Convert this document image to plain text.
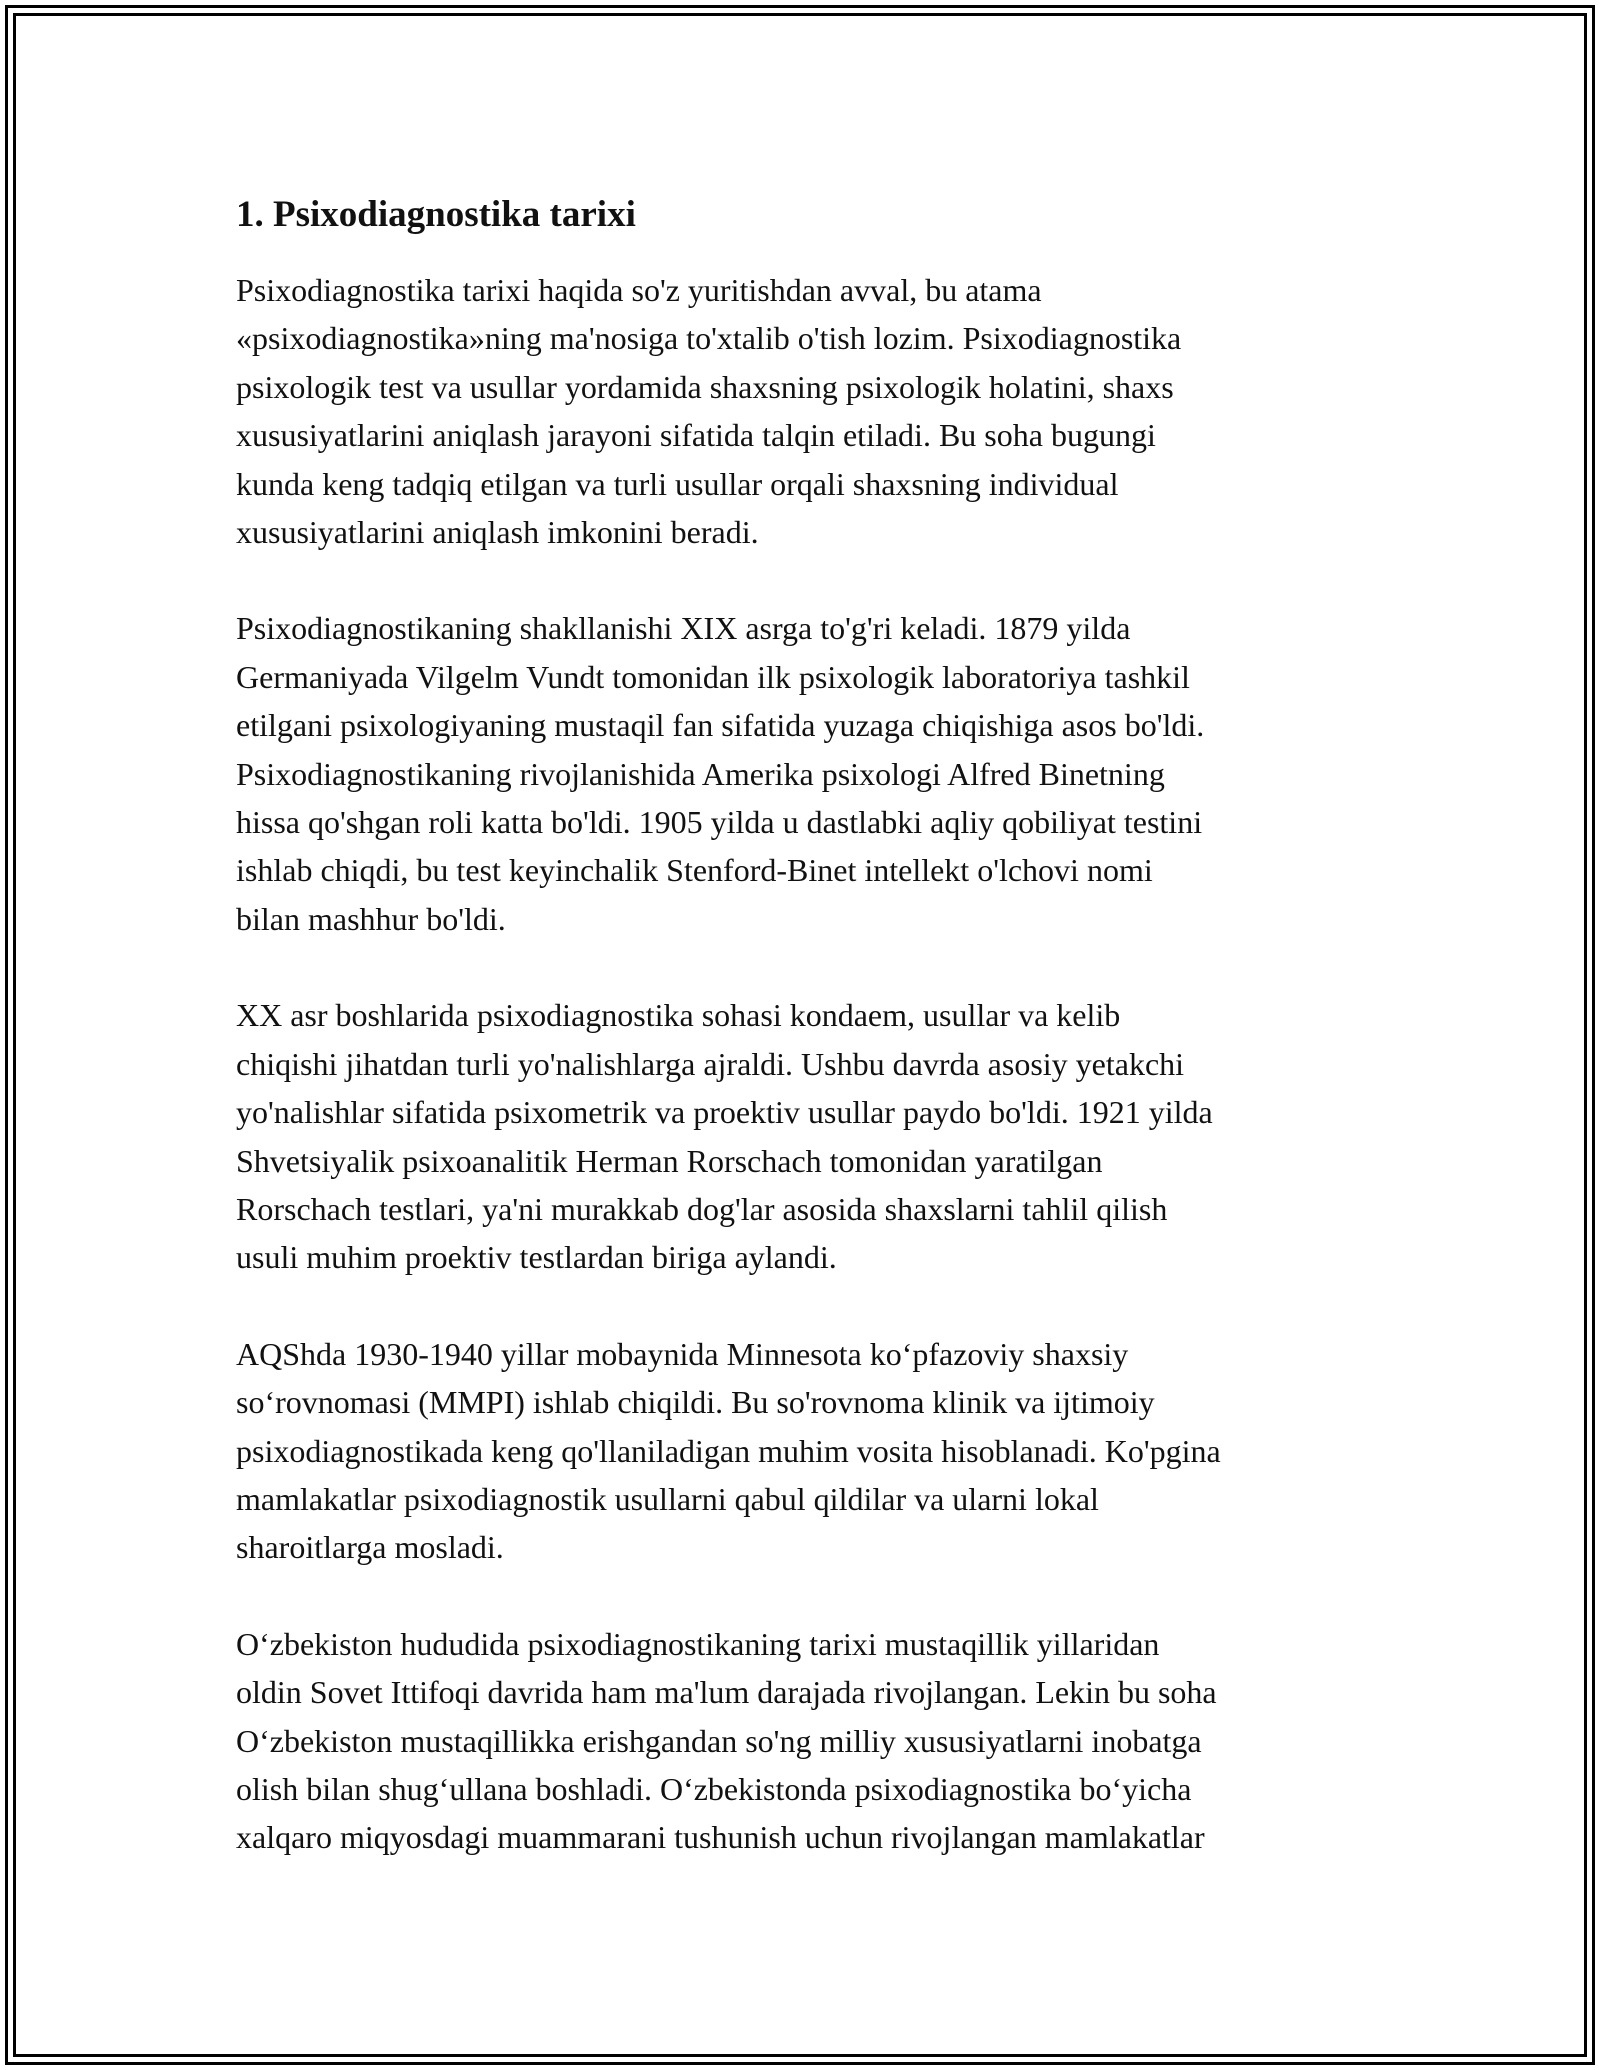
1. Psixodiagnostika tarixi

Psixodiagnostika tarixi haqida so'z yuritishdan avval, bu atama
«psixodiagnostika»ning ma'nosiga to'xtalib o'tish lozim. Psixodiagnostika
psixologik test va usullar yordamida shaxsning psixologik holatini, shaxs
xususiyatlarini aniqlash jarayoni sifatida talqin etiladi. Bu soha bugungi
kunda keng tadqiq etilgan va turli usullar orqali shaxsning individual
xususiyatlarini aniqlash imkonini beradi.

Psixodiagnostikaning shakllanishi XIX asrga to'g'ri keladi. 1879 yilda
Germaniyada Vilgelm Vundt tomonidan ilk psixologik laboratoriya tashkil
etilgani psixologiyaning mustaqil fan sifatida yuzaga chiqishiga asos bo'ldi.
Psixodiagnostikaning rivojlanishida Amerika psixologi Alfred Binetning
hissa qo'shgan roli katta bo'ldi. 1905 yilda u dastlabki aqliy qobiliyat testini
ishlab chiqdi, bu test keyinchalik Stenford-Binet intellekt o'lchovi nomi
bilan mashhur bo'ldi.

XX asr boshlarida psixodiagnostika sohasi kondaem, usullar va kelib
chiqishi jihatdan turli yo'nalishlarga ajraldi. Ushbu davrda asosiy yetakchi
yo'nalishlar sifatida psixometrik va proektiv usullar paydo bo'ldi. 1921 yilda
Shvetsiyalik psixoanalitik Herman Rorschach tomonidan yaratilgan
Rorschach testlari, ya'ni murakkab dog'lar asosida shaxslarni tahlil qilish
usuli muhim proektiv testlardan biriga aylandi.

AQShda 1930-1940 yillar mobaynida Minnesota koʻpfazoviy shaxsiy
soʻrovnomasi (MMPI) ishlab chiqildi. Bu so'rovnoma klinik va ijtimoiy
psixodiagnostikada keng qo'llaniladigan muhim vosita hisoblanadi. Ko'pgina
mamlakatlar psixodiagnostik usullarni qabul qildilar va ularni lokal
sharoitlarga mosladi.

Oʻzbekiston hududida psixodiagnostikaning tarixi mustaqillik yillaridan
oldin Sovet Ittifoqi davrida ham ma'lum darajada rivojlangan. Lekin bu soha
Oʻzbekiston mustaqillikka erishgandan so'ng milliy xususiyatlarni inobatga
olish bilan shugʻullana boshladi. Oʻzbekistonda psixodiagnostika boʻyicha
xalqaro miqyosdagi muammarani tushunish uchun rivojlangan mamlakatlar
